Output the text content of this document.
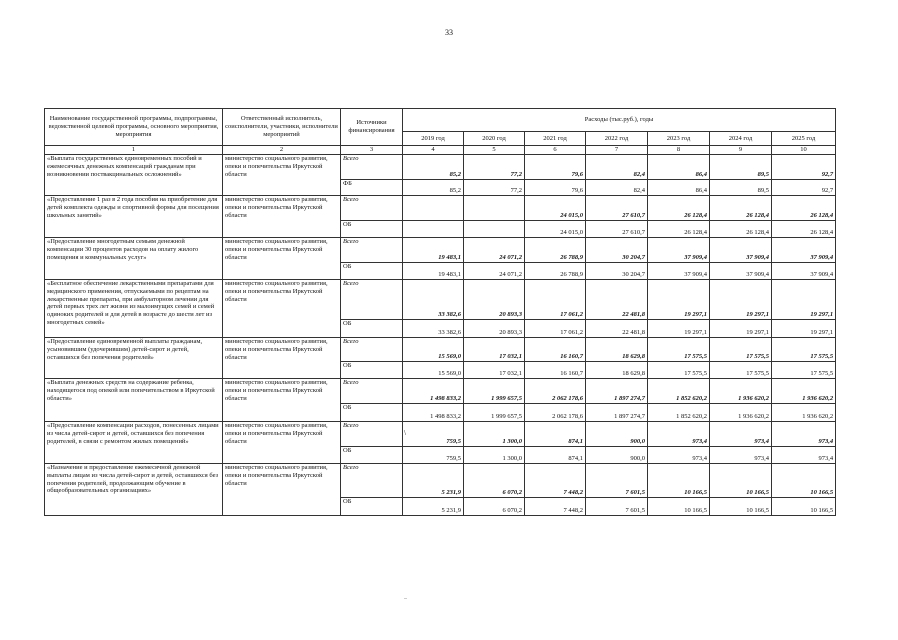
33
Наименование государственной программы, подпрограммы, ведомственной целевой программы, основного мероприятия, мероприятия	Ответственный исполнитель, соисполнители, участники, исполнители мероприятий	Источники финансирования	Расходы (тыс.руб.), годы						
			2019 год	2020 год	2021 год	2022 год	2023 год	2024 год	2025 год
1	2	3	4	5	6	7	8	9	10
«Выплата государственных единовременных пособий и ежемесячных денежных компенсаций гражданам при возникновении поствакцинальных осложнений»	министерство социального развития, опеки и попечительства Иркутской области	Всего	85,2	77,2	79,6	82,4	86,4	89,5	92,7
		ФБ	85,2	77,2	79,6	82,4	86,4	89,5	92,7
«Предоставление 1 раз в 2 года пособия на приобретение для детей комплекта одежды и спортивной формы для посещения школьных занятий»	министерство социального развития, опеки и попечительства Иркутской области	Всего			24 015,0	27 610,7	26 128,4	26 128,4	26 128,4
		ОБ			24 015,0	27 610,7	26 128,4	26 128,4	26 128,4
«Предоставление многодетным семьям денежной компенсации 30 процентов расходов на оплату жилого помещения и коммунальных услуг»	министерство социального развития, опеки и попечительства Иркутской области	Всего	19 483,1	24 071,2	26 788,9	30 204,7	37 909,4	37 909,4	37 909,4
		ОБ	19 483,1	24 071,2	26 788,9	30 204,7	37 909,4	37 909,4	37 909,4
«Бесплатное обеспечение лекарственными препаратами для медицинского применения, отпускаемыми по рецептам на лекарственные препараты, при амбулаторном лечении для детей первых трех лет жизни из малоимущих семей и семей одиноких родителей и для детей в возрасте до шести лет из многодетных семей»	министерство социального развития, опеки и попечительства Иркутской области	Всего	33 382,6	20 893,3	17 061,2	22 481,8	19 297,1	19 297,1	19 297,1
		ОБ	33 382,6	20 893,3	17 061,2	22 481,8	19 297,1	19 297,1	19 297,1
«Предоставление единовременной выплаты гражданам, усыновившим (удочерившим) детей-сирот и детей, оставшихся без попечения родителей»	министерство социального развития, опеки и попечительства Иркутской области	Всего	15 569,0	17 032,1	16 160,7	18 629,8	17 575,5	17 575,5	17 575,5
		ОБ	15 569,0	17 032,1	16 160,7	18 629,8	17 575,5	17 575,5	17 575,5
«Выплата денежных средств на содержание ребенка, находящегося под опекой или попечительством в Иркутской области»	министерство социального развития, опеки и попечительства Иркутской области	Всего	1 498 833,2	1 999 657,5	2 062 178,6	1 897 274,7	1 852 620,2	1 936 620,2	1 936 620,2
		ОБ	1 498 833,2	1 999 657,5	2 062 178,6	1 897 274,7	1 852 620,2	1 936 620,2	1 936 620,2
«Предоставление компенсации расходов, понесенных лицами из числа детей-сирот и детей, оставшихся без попечения родителей, в связи с ремонтом жилых помещений»	министерство социального развития, опеки и попечительства Иркутской области	Всего	759,5	1 300,0	874,1	900,0	973,4	973,4	973,4
		ОБ	759,5	1 300,0	874,1	900,0	973,4	973,4	973,4
«Назначение и предоставление ежемесячной денежной выплаты лицам из числа детей-сирот и детей, оставшихся без попечения родителей, продолжающим обучение в общеобразовательных организациях»	министерство социального развития, опеки и попечительства Иркутской области	Всего	5 231,9	6 070,2	7 448,2	7 601,5	10 166,5	10 166,5	10 166,5
		ОБ	5 231,9	6 070,2	7 448,2	7 601,5	10 166,5	10 166,5	10 166,5
\
